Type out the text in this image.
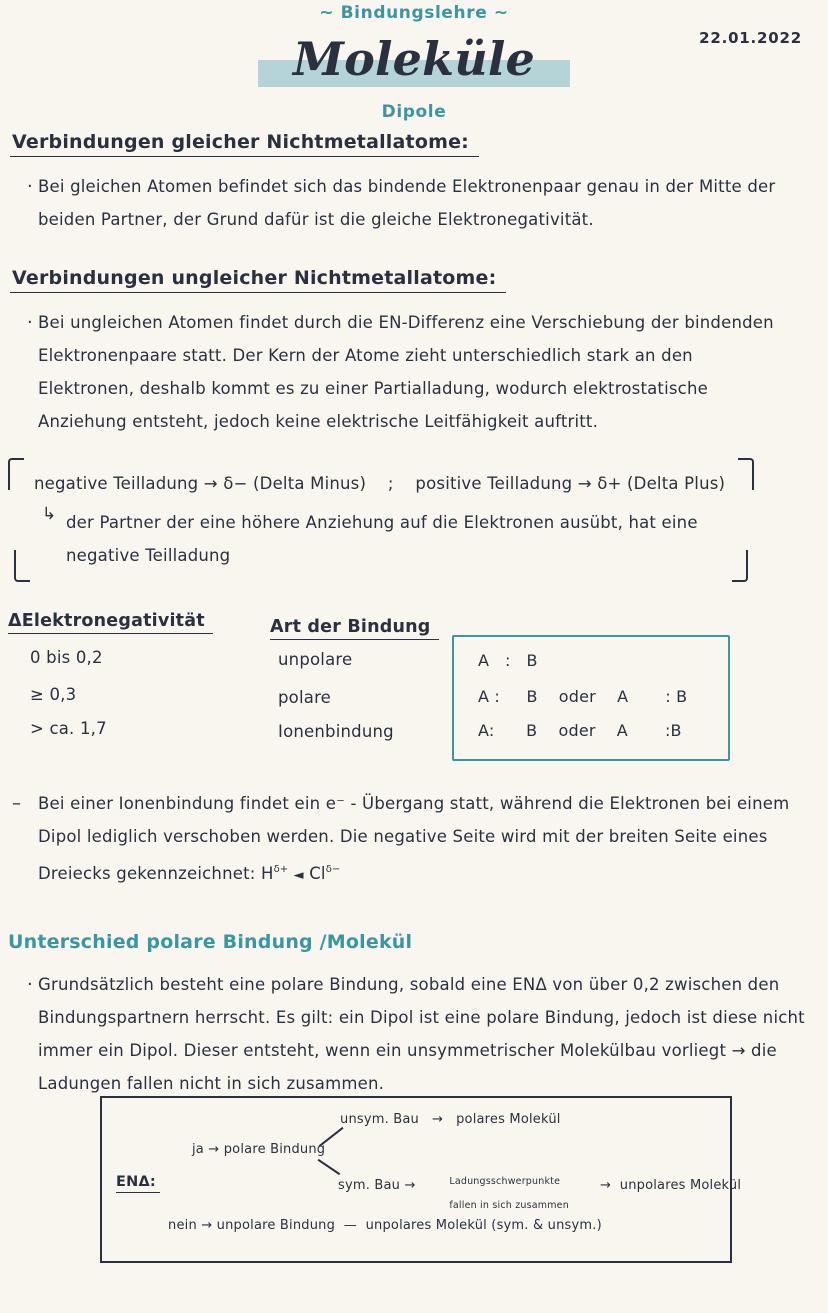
~ Bindungslehre ~
22.01.2022
Moleküle
Dipole
Verbindungen gleicher Nichtmetallatome:
· Bei gleichen Atomen befindet sich das bindende Elektronenpaar genau in der Mitte der beiden Partner, der Grund dafür ist die gleiche Elektronegativität.
Verbindungen ungleicher Nichtmetallatome:
· Bei ungleichen Atomen findet durch die EN-Differenz eine Verschiebung der bindenden Elektronenpaare statt. Der Kern der Atome zieht unterschiedlich stark an den Elektronen, deshalb kommt es zu einer Partialladung, wodurch elektrostatische Anziehung entsteht, jedoch keine elektrische Leitfähigkeit auftritt.
negative Teilladung → δ− (Delta Minus)    ;    positive Teilladung → δ+ (Delta Plus)
↳ der Partner der eine höhere Anziehung auf die Elektronen ausübt, hat eine negative Teilladung
ΔElektronegativität	Art der Bindung
0 bis 0,2
≥ 0,3
> ca. 1,7
unpolare
polare
Ionenbindung
A   :   B
A :     B    oder    A       : B
A:      B    oder    A       :B
– Bei einer Ionenbindung findet ein e⁻ - Übergang statt, während die Elektronen bei einem Dipol lediglich verschoben werden. Die negative Seite wird mit der breiten Seite eines Dreiecks gekennzeichnet: $H^{\delta+}$ ◄ $Cl^{\delta-}$
Unterschied polare Bindung /Molekül
· Grundsätzlich besteht eine polare Bindung, sobald eine ENΔ von über 0,2 zwischen den Bindungspartnern herrscht. Es gilt: ein Dipol ist eine polare Bindung, jedoch ist diese nicht immer ein Dipol. Dieser entsteht, wenn ein unsymmetrischer Molekülbau vorliegt → die Ladungen fallen nicht in sich zusammen.
unsym. Bau   →   polares Molekül
ja → polare Bindung
sym. Bau →	Ladungsschwerpunkte

fallen in sich zusammen

→  unpolares Molekül
ENΔ:
nein → unpolare Bindung  —  unpolares Molekül (sym. & unsym.)
